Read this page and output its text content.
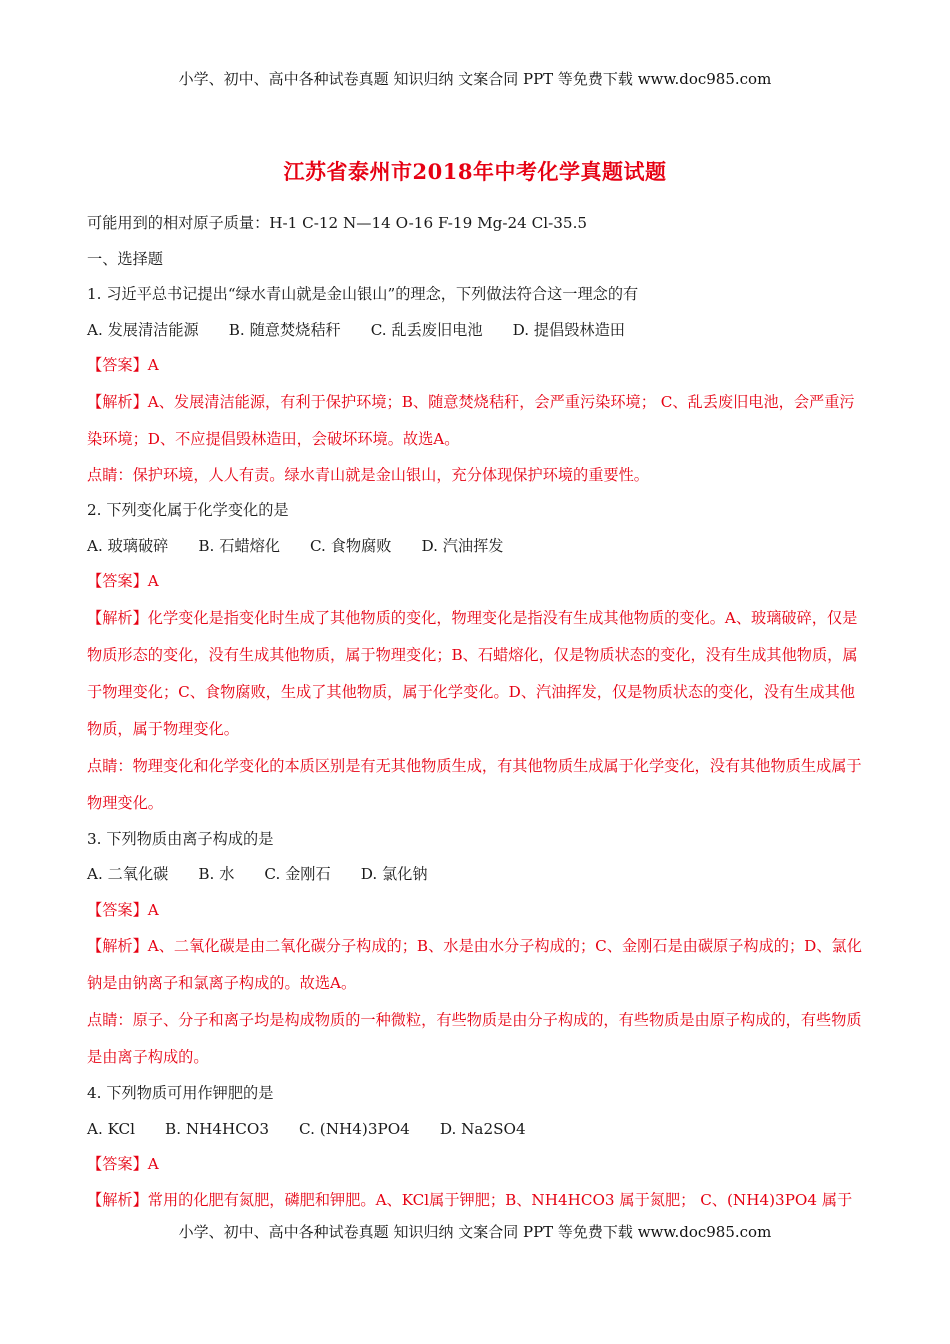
小学、初中、高中各种试卷真题 知识归纳 文案合同 PPT 等免费下载 www.doc985.com
江苏省泰州市2018年中考化学真题试题
可能用到的相对原子质量：H-1 C-12 N—14 O-16 F-19 Mg-24 Cl-35.5
一、选择题
1. 习近平总书记提出“绿水青山就是金山银山”的理念，下列做法符合这一理念的有
A. 发展清洁能源 B. 随意焚烧秸秆 C. 乱丢废旧电池 D. 提倡毁林造田
【答案】A
【解析】A、发展清洁能源，有利于保护环境；B、随意焚烧秸秆，会严重污染环境； C、乱丢废旧电池，会严重污染环境；D、不应提倡毁林造田，会破坏环境。故选A。
点睛：保护环境，人人有责。绿水青山就是金山银山，充分体现保护环境的重要性。
2. 下列变化属于化学变化的是
A. 玻璃破碎 B. 石蜡熔化 C. 食物腐败 D. 汽油挥发
【答案】A
【解析】化学变化是指变化时生成了其他物质的变化，物理变化是指没有生成其他物质的变化。A、玻璃破碎，仅是物质形态的变化，没有生成其他物质，属于物理变化；B、石蜡熔化，仅是物质状态的变化，没有生成其他物质，属于物理变化；C、食物腐败，生成了其他物质，属于化学变化。D、汽油挥发，仅是物质状态的变化，没有生成其他物质，属于物理变化。
点睛：物理变化和化学变化的本质区别是有无其他物质生成，有其他物质生成属于化学变化，没有其他物质生成属于物理变化。
3. 下列物质由离子构成的是
A. 二氧化碳 B. 水 C. 金刚石 D. 氯化钠
【答案】A
【解析】A、二氧化碳是由二氧化碳分子构成的；B、水是由水分子构成的；C、金刚石是由碳原子构成的；D、氯化钠是由钠离子和氯离子构成的。故选A。
点睛：原子、分子和离子均是构成物质的一种微粒，有些物质是由分子构成的，有些物质是由原子构成的，有些物质是由离子构成的。
4. 下列物质可用作钾肥的是
A. KCl B. NH4HCO3 C. (NH4)3PO4 D. Na2SO4
【答案】A
【解析】常用的化肥有氮肥，磷肥和钾肥。A、KCl属于钾肥；B、NH4HCO3 属于氮肥； C、(NH4)3PO4 属于
小学、初中、高中各种试卷真题 知识归纳 文案合同 PPT 等免费下载 www.doc985.com
